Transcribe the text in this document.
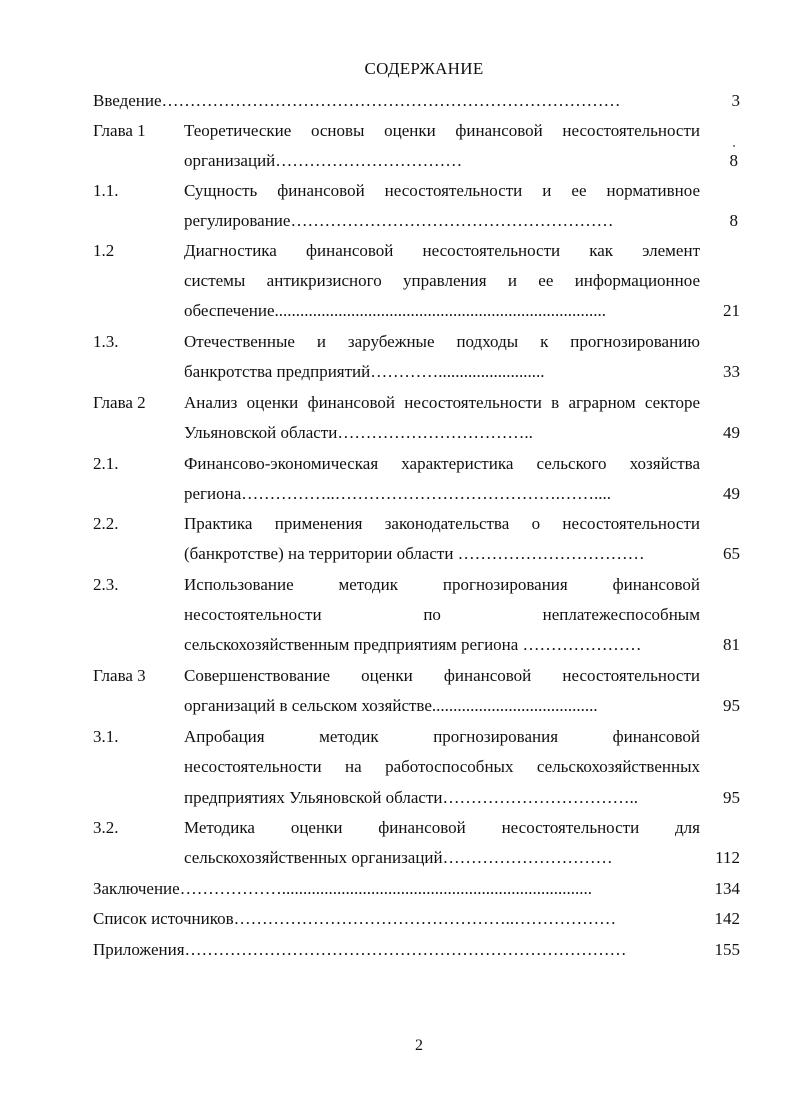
СОДЕРЖАНИЕ
Введение………………………………………………………………………	3
Глава 1 Теоретические основы оценки финансовой несостоятельности
организаций……………………………	8
1.1.	Сущность финансовой несостоятельности и ее нормативное
регулирование…………………………………………………	8
1.2	Диагностика финансовой несостоятельности как элемент
системы антикризисного управления и ее информационное
обеспечение..............................................................................	21
1.3.	Отечественные и зарубежные подходы к прогнозированию
банкротства предприятий………….........................	33
Глава 2 Анализ оценки финансовой несостоятельности в аграрном секторе
Ульяновской области……………………………..	49
2.1.	Финансово-экономическая характеристика сельского хозяйства
региона……………..………………………………….……....	49
2.2.	Практика применения законодательства о несостоятельности
(банкротстве) на территории области ……………………………	65
2.3.	Использование методик прогнозирования финансовой
несостоятельности по неплатежеспособным
сельскохозяйственным предприятиям региона …………………	81
Глава 3 Совершенствование оценки финансовой несостоятельности
организаций в сельском хозяйстве.......................................	95
3.1.	Апробация методик прогнозирования финансовой
несостоятельности на работоспособных сельскохозяйственных
предприятиях Ульяновской области……………………………..	95
3.2.	Методика оценки финансовой несостоятельности для
сельскохозяйственных организаций…………………………	112
Заключение……………….........................................................................	134
Список источников…………………………………………..………………	142
Приложения……………………………………………………………………	155
2
